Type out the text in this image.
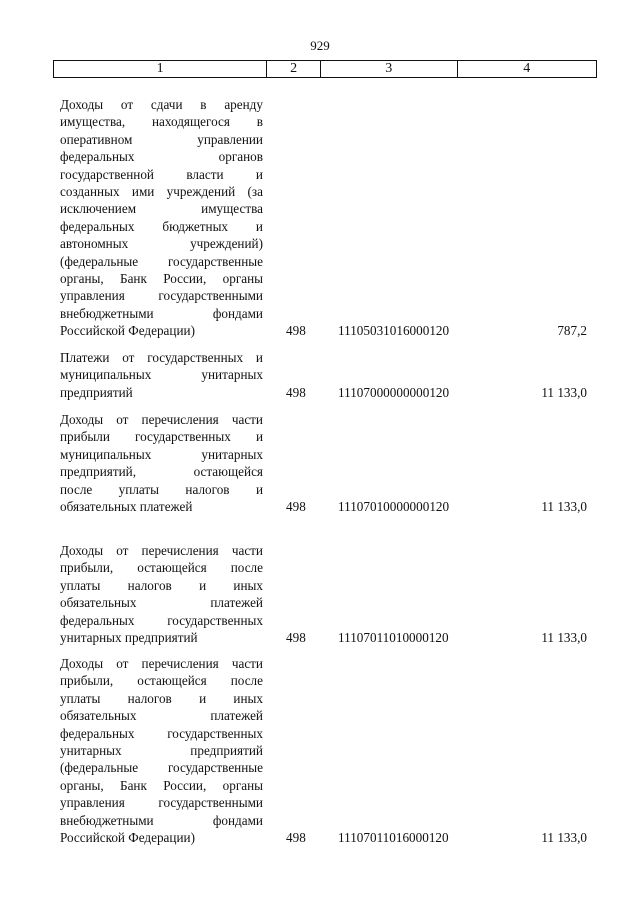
929
1	2	3	4
Доходы от сдачи в аренду
имущества, находящегося в
оперативном управлении
федеральных органов
государственной власти и
созданных ими учреждений (за
исключением имущества
федеральных бюджетных и
автономных учреждений)
(федеральные государственные
органы, Банк России, органы
управления государственными
внебюджетными фондами
Российской Федерации)	498	11105031016000120	787,2
Платежи от государственных и
муниципальных унитарных
предприятий	498	11107000000000120	11 133,0
Доходы от перечисления части
прибыли государственных и
муниципальных унитарных
предприятий, остающейся
после уплаты налогов и
обязательных платежей	498	11107010000000120	11 133,0
Доходы от перечисления части
прибыли, остающейся после
уплаты налогов и иных
обязательных платежей
федеральных государственных
унитарных предприятий	498	11107011010000120	11 133,0
Доходы от перечисления части
прибыли, остающейся после
уплаты налогов и иных
обязательных платежей
федеральных государственных
унитарных предприятий
(федеральные государственные
органы, Банк России, органы
управления государственными
внебюджетными фондами
Российской Федерации)	498	11107011016000120	11 133,0
